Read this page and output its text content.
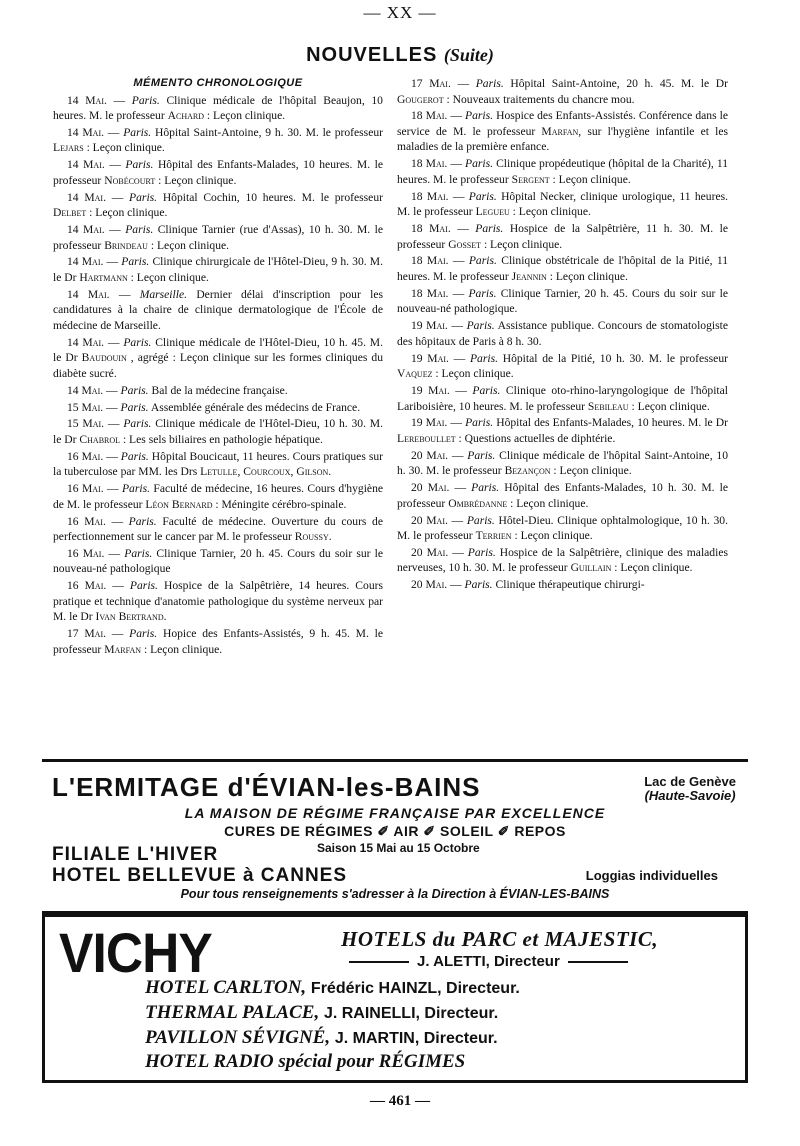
— XX —
NOUVELLES (Suite)
MÉMENTO CHRONOLOGIQUE

14 Mai. — Paris. Clinique médicale de l'hôpital Beaujon, 10 heures. M. le professeur Achard : Leçon clinique.

14 Mai. — Paris. Hôpital Saint-Antoine, 9 h. 30. M. le professeur Lejars : Leçon clinique.

14 Mai. — Paris. Hôpital des Enfants-Malades, 10 heures. M. le professeur Nobécourt : Leçon clinique.

14 Mai. — Paris. Hôpital Cochin, 10 heures. M. le professeur Delbet : Leçon clinique.

14 Mai. — Paris. Clinique Tarnier (rue d'Assas), 10 h. 30. M. le professeur Brindeau : Leçon clinique.

14 Mai. — Paris. Clinique chirurgicale de l'Hôtel-Dieu, 9 h. 30. M. le Dr Hartmann : Leçon clinique.

14 Mai. — Marseille. Dernier délai d'inscription pour les candidatures à la chaire de clinique dermatologique de l'École de médecine de Marseille.

14 Mai. — Paris. Clinique médicale de l'Hôtel-Dieu, 10 h. 45. M. le Dr Baudouin , agrégé : Leçon clinique sur les formes cliniques du diabète sucré.

14 Mai. — Paris. Bal de la médecine française.

15 Mai. — Paris. Assemblée générale des médecins de France.

15 Mai. — Paris. Clinique médicale de l'Hôtel-Dieu, 10 h. 30. M. le Dr Chabrol : Les sels biliaires en pathologie hépatique.

16 Mai. — Paris. Hôpital Boucicaut, 11 heures. Cours pratiques sur la tuberculose par MM. les Drs Letulle, Courcoux, Gilson.

16 Mai. — Paris. Faculté de médecine, 16 heures. Cours d'hygiène de M. le professeur Léon Bernard : Méningite cérébro-spinale.

16 Mai. — Paris. Faculté de médecine. Ouverture du cours de perfectionnement sur le cancer par M. le professeur Roussy.

16 Mai. — Paris. Clinique Tarnier, 20 h. 45. Cours du soir sur le nouveau-né pathologique

16 Mai. — Paris. Hospice de la Salpêtrière, 14 heures. Cours pratique et technique d'anatomie pathologique du système nerveux par M. le Dr Ivan Bertrand.

17 Mai. — Paris. Hopice des Enfants-Assistés, 9 h. 45. M. le professeur Marfan : Leçon clinique.

17 Mai. — Paris. Hôpital Saint-Antoine, 20 h. 45. M. le Dr Gougerot : Nouveaux traitements du chancre mou.

18 Mai. — Paris. Hospice des Enfants-Assistés. Conférence dans le service de M. le professeur Marfan, sur l'hygiène infantile et les maladies de la première enfance.

18 Mai. — Paris. Clinique propédeutique (hôpital de la Charité), 11 heures. M. le professeur Sergent : Leçon clinique.

18 Mai. — Paris. Hôpital Necker, clinique urologique, 11 heures. M. le professeur Legueu : Leçon clinique.

18 Mai. — Paris. Hospice de la Salpêtrière, 11 h. 30. M. le professeur Gosset : Leçon clinique.

18 Mai. — Paris. Clinique obstétricale de l'hôpital de la Pitié, 11 heures. M. le professeur Jeannin : Leçon clinique.

18 Mai. — Paris. Clinique Tarnier, 20 h. 45. Cours du soir sur le nouveau-né pathologique.

19 Mai. — Paris. Assistance publique. Concours de stomatologiste des hôpitaux de Paris à 8 h. 30.

19 Mai. — Paris. Hôpital de la Pitié, 10 h. 30. M. le professeur Vaquez : Leçon clinique.

19 Mai. — Paris. Clinique oto-rhino-laryngologique de l'hôpital Lariboisière, 10 heures. M. le professeur Sebileau : Leçon clinique.

19 Mai. — Paris. Hôpital des Enfants-Malades, 10 heures. M. le Dr Lereboullet : Questions actuelles de diphtérie.

20 Mai. — Paris. Clinique médicale de l'hôpital Saint-Antoine, 10 h. 30. M. le professeur Bezançon : Leçon clinique.

20 Mai. — Paris. Hôpital des Enfants-Malades, 10 h. 30. M. le professeur Ombrédanne : Leçon clinique.

20 Mai. — Paris. Hôtel-Dieu. Clinique ophtalmologique, 10 h. 30. M. le professeur Terrien : Leçon clinique.

20 Mai. — Paris. Hospice de la Salpêtrière, clinique des maladies nerveuses, 10 h. 30. M. le professeur Guillain : Leçon clinique.

20 Mai. — Paris. Clinique thérapeutique chirurgi-

L'ERMITAGE d'ÉVIAN-les-BAINS	Lac de Genève
(Haute-Savoie)
LA MAISON DE RÉGIME FRANÇAISE PAR EXCELLENCE
CURES DE RÉGIMES ✐ AIR ✐ SOLEIL ✐ REPOS
FILIALE L'HIVER	Saison 15 Mai au 15 Octobre
HOTEL BELLEVUE à CANNES	Loggias individuelles
Pour tous renseignements s'adresser à la Direction à ÉVIAN-LES-BAINS
VICHY	HOTELS du PARC et MAJESTIC,
J. ALETTI, Directeur
HOTEL CARLTON, Frédéric HAINZL, Directeur.
THERMAL PALACE, J. RAINELLI, Directeur.
PAVILLON SÉVIGNÉ, J. MARTIN, Directeur.
HOTEL RADIO spécial pour RÉGIMES
— 461 —
